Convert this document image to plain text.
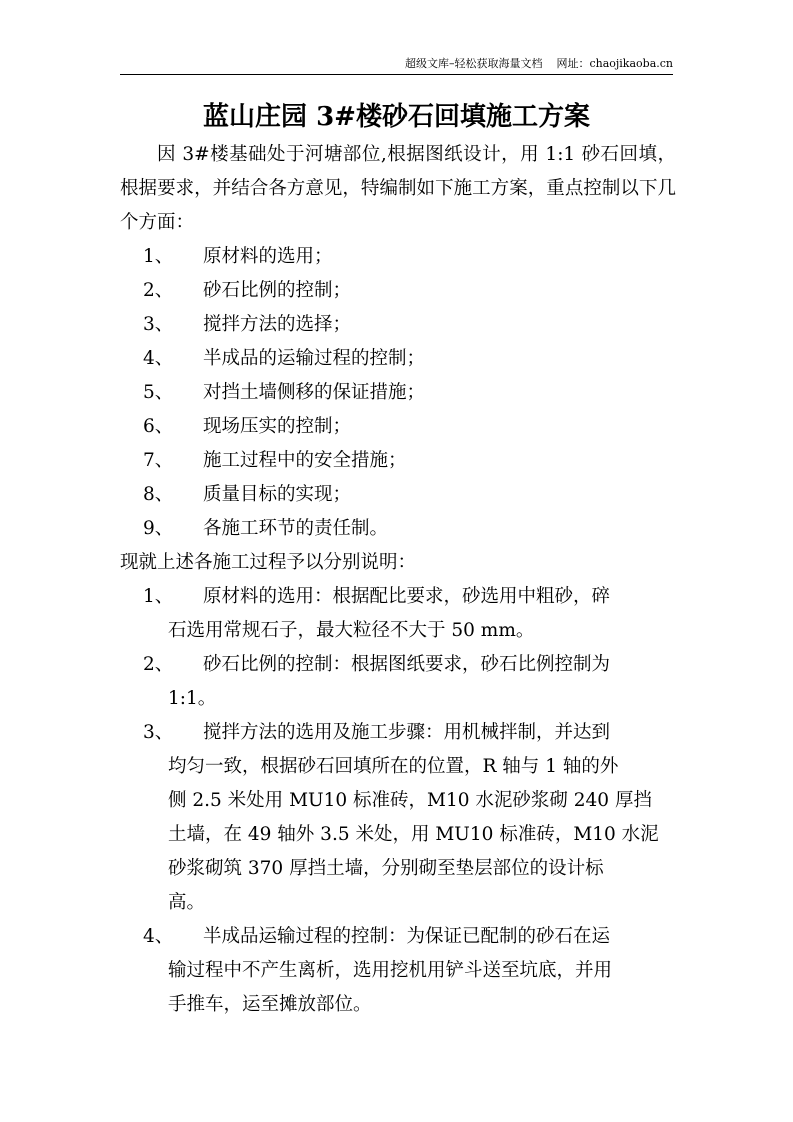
超级文库–轻松获取海量文档 网址：chaojikaoba.cn
蓝山庄园 3#楼砂石回填施工方案

因 3#楼基础处于河塘部位,根据图纸设计，用 1:1 砂石回填，根据要求，并结合各方意见，特编制如下施工方案，重点控制以下几个方面：

1、 原材料的选用；

2、 砂石比例的控制；

3、 搅拌方法的选择；

4、 半成品的运输过程的控制；

5、 对挡土墙侧移的保证措施；

6、 现场压实的控制；

7、 施工过程中的安全措施；

8、 质量目标的实现；

9、 各施工环节的责任制。

现就上述各施工过程予以分别说明：

1、 原材料的选用：根据配比要求，砂选用中粗砂，碎
石选用常规石子，最大粒径不大于 50 mm。
2、 砂石比例的控制：根据图纸要求，砂石比例控制为
1:1。
3、 搅拌方法的选用及施工步骤：用机械拌制，并达到
均匀一致，根据砂石回填所在的位置，R 轴与 1 轴的外
侧 2.5 米处用 MU10 标准砖，M10 水泥砂浆砌 240 厚挡
土墙，在 49 轴外 3.5 米处，用 MU10 标准砖，M10 水泥
砂浆砌筑 370 厚挡土墙，分别砌至垫层部位的设计标
高。
4、 半成品运输过程的控制：为保证已配制的砂石在运
输过程中不产生离析，选用挖机用铲斗送至坑底，并用
手推车，运至摊放部位。
